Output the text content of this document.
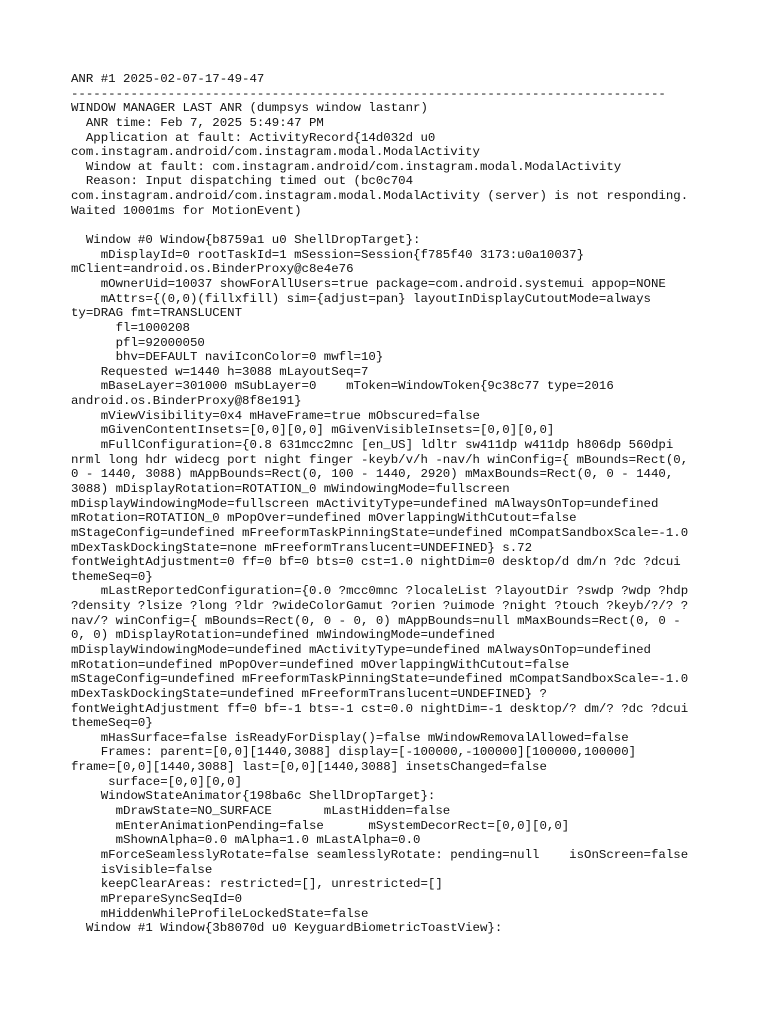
ANR #1 2025-02-07-17-49-47
--------------------------------------------------------------------------------
WINDOW MANAGER LAST ANR (dumpsys window lastanr)
ANR time: Feb 7, 2025 5:49:47 PM
Application at fault: ActivityRecord{14d032d u0
com.instagram.android/com.instagram.modal.ModalActivity
Window at fault: com.instagram.android/com.instagram.modal.ModalActivity
Reason: Input dispatching timed out (bc0c704
com.instagram.android/com.instagram.modal.ModalActivity (server) is not responding.
Waited 10001ms for MotionEvent)
Window #0 Window{b8759a1 u0 ShellDropTarget}:
mDisplayId=0 rootTaskId=1 mSession=Session{f785f40 3173:u0a10037}
mClient=android.os.BinderProxy@c8e4e76
mOwnerUid=10037 showForAllUsers=true package=com.android.systemui appop=NONE
mAttrs={(0,0)(fillxfill) sim={adjust=pan} layoutInDisplayCutoutMode=always
ty=DRAG fmt=TRANSLUCENT
fl=1000208
pfl=92000050
bhv=DEFAULT naviIconColor=0 mwfl=10}
Requested w=1440 h=3088 mLayoutSeq=7
mBaseLayer=301000 mSubLayer=0    mToken=WindowToken{9c38c77 type=2016
android.os.BinderProxy@8f8e191}
mViewVisibility=0x4 mHaveFrame=true mObscured=false
mGivenContentInsets=[0,0][0,0] mGivenVisibleInsets=[0,0][0,0]
mFullConfiguration={0.8 631mcc2mnc [en_US] ldltr sw411dp w411dp h806dp 560dpi
nrml long hdr widecg port night finger -keyb/v/h -nav/h winConfig={ mBounds=Rect(0,
0 - 1440, 3088) mAppBounds=Rect(0, 100 - 1440, 2920) mMaxBounds=Rect(0, 0 - 1440,
3088) mDisplayRotation=ROTATION_0 mWindowingMode=fullscreen
mDisplayWindowingMode=fullscreen mActivityType=undefined mAlwaysOnTop=undefined
mRotation=ROTATION_0 mPopOver=undefined mOverlappingWithCutout=false
mStageConfig=undefined mFreeformTaskPinningState=undefined mCompatSandboxScale=-1.0
mDexTaskDockingState=none mFreeformTranslucent=UNDEFINED} s.72
fontWeightAdjustment=0 ff=0 bf=0 bts=0 cst=1.0 nightDim=0 desktop/d dm/n ?dc ?dcui
themeSeq=0}
mLastReportedConfiguration={0.0 ?mcc0mnc ?localeList ?layoutDir ?swdp ?wdp ?hdp
?density ?lsize ?long ?ldr ?wideColorGamut ?orien ?uimode ?night ?touch ?keyb/?/? ?
nav/? winConfig={ mBounds=Rect(0, 0 - 0, 0) mAppBounds=null mMaxBounds=Rect(0, 0 -
0, 0) mDisplayRotation=undefined mWindowingMode=undefined
mDisplayWindowingMode=undefined mActivityType=undefined mAlwaysOnTop=undefined
mRotation=undefined mPopOver=undefined mOverlappingWithCutout=false
mStageConfig=undefined mFreeformTaskPinningState=undefined mCompatSandboxScale=-1.0
mDexTaskDockingState=undefined mFreeformTranslucent=UNDEFINED} ?
fontWeightAdjustment ff=0 bf=-1 bts=-1 cst=0.0 nightDim=-1 desktop/? dm/? ?dc ?dcui
themeSeq=0}
mHasSurface=false isReadyForDisplay()=false mWindowRemovalAllowed=false
Frames: parent=[0,0][1440,3088] display=[-100000,-100000][100000,100000]
frame=[0,0][1440,3088] last=[0,0][1440,3088] insetsChanged=false
surface=[0,0][0,0]
WindowStateAnimator{198ba6c ShellDropTarget}:
mDrawState=NO_SURFACE       mLastHidden=false
mEnterAnimationPending=false      mSystemDecorRect=[0,0][0,0]
mShownAlpha=0.0 mAlpha=1.0 mLastAlpha=0.0
mForceSeamlesslyRotate=false seamlesslyRotate: pending=null    isOnScreen=false
isVisible=false
keepClearAreas: restricted=[], unrestricted=[]
mPrepareSyncSeqId=0
mHiddenWhileProfileLockedState=false
Window #1 Window{3b8070d u0 KeyguardBiometricToastView}:
